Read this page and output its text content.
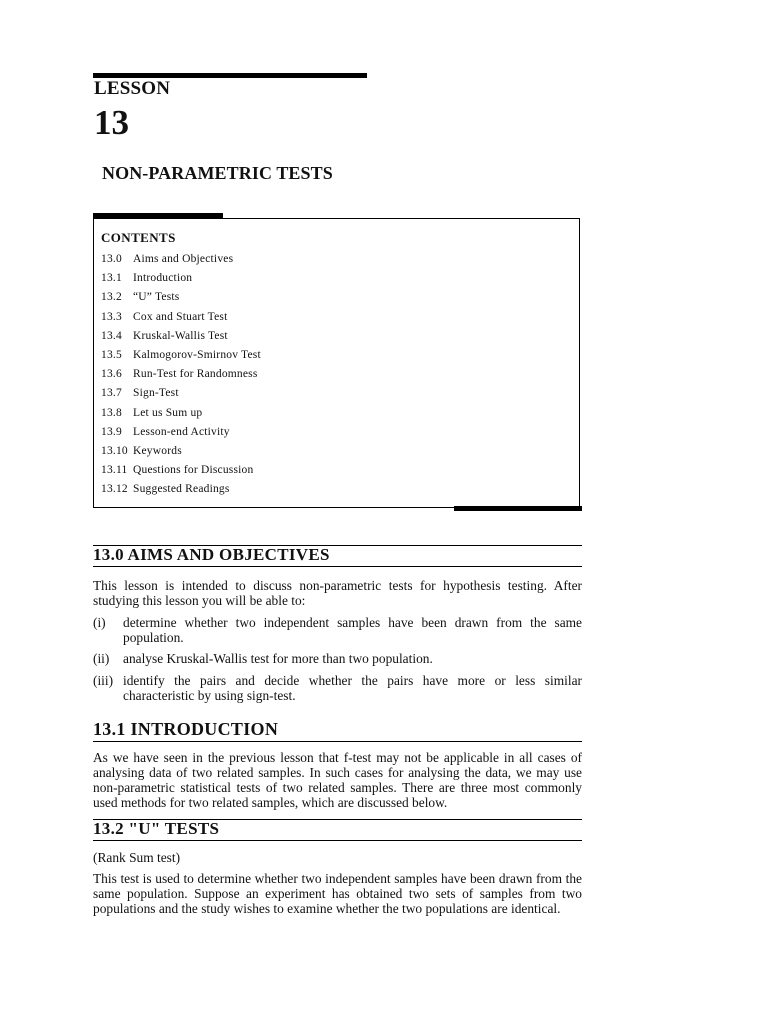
LESSON
13
NON-PARAMETRIC TESTS
CONTENTS
13.0 Aims and Objectives
13.1 Introduction
13.2 “U” Tests
13.3 Cox and Stuart Test
13.4 Kruskal-Wallis Test
13.5 Kalmogorov-Smirnov Test
13.6 Run-Test for Randomness
13.7 Sign-Test
13.8 Let us Sum up
13.9 Lesson-end Activity
13.10 Keywords
13.11 Questions for Discussion
13.12 Suggested Readings
13.0 AIMS AND OBJECTIVES
This lesson is intended to discuss non-parametric tests for hypothesis testing. After studying this lesson you will be able to:
(i) determine whether two independent samples have been drawn from the same population.
(ii) analyse Kruskal-Wallis test for more than two population.
(iii) identify the pairs and decide whether the pairs have more or less similar characteristic by using sign-test.
13.1 INTRODUCTION
As we have seen in the previous lesson that f-test may not be applicable in all cases of analysing data of two related samples. In such cases for analysing the data, we may use non-parametric statistical tests of two related samples. There are three most commonly used methods for two related samples, which are discussed below.
13.2 "U" TESTS
(Rank Sum test)
This test is used to determine whether two independent samples have been drawn from the same population. Suppose an experiment has obtained two sets of samples from two populations and the study wishes to examine whether the two populations are identical.
